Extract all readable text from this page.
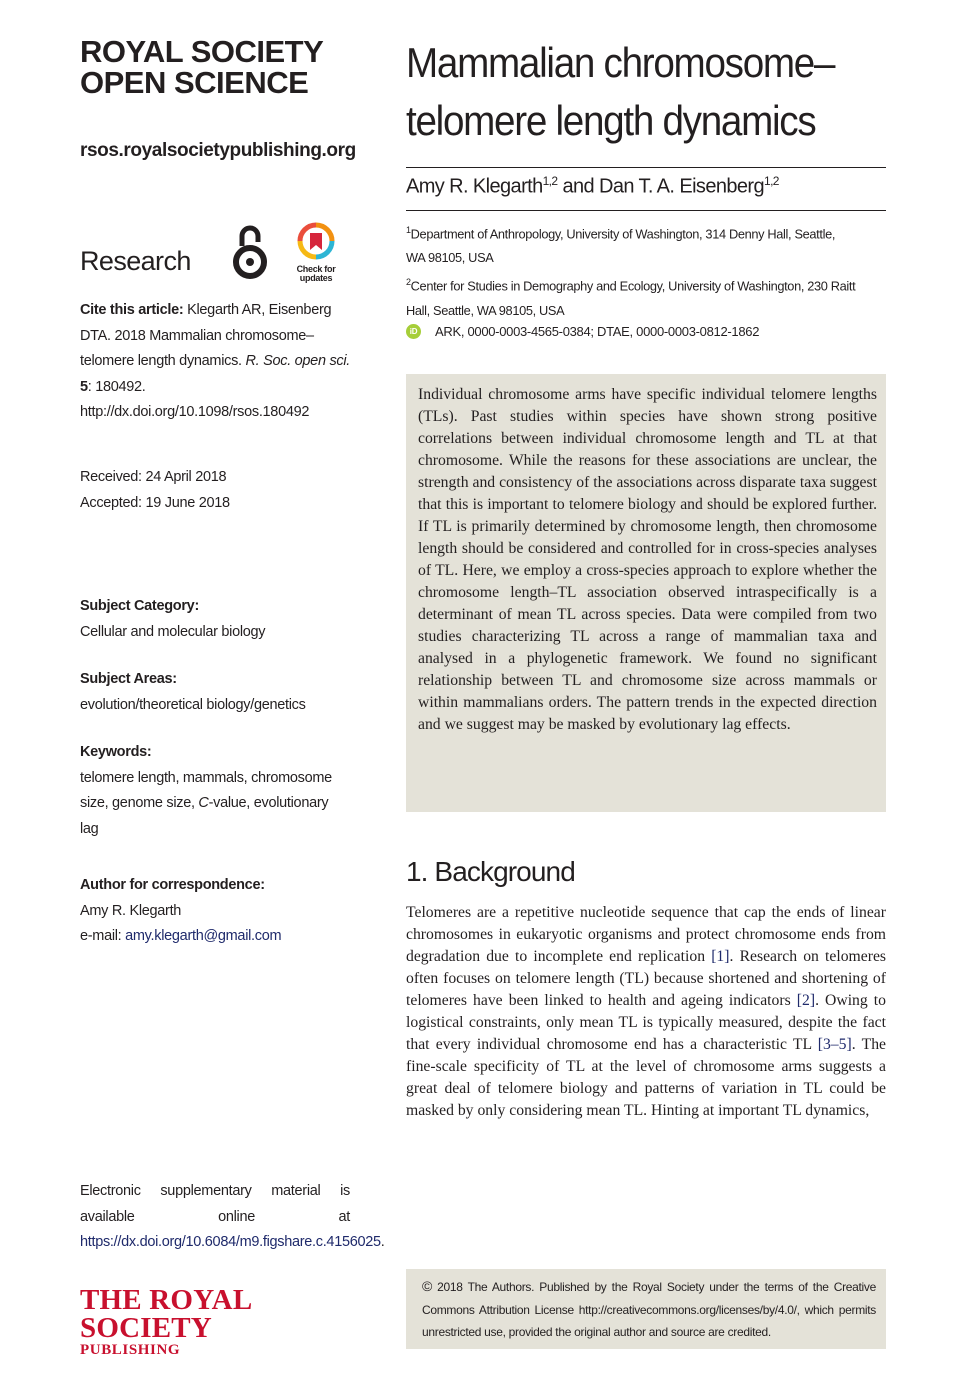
ROYAL SOCIETY
OPEN SCIENCE
rsos.royalsocietypublishing.org
Research	Check for
updates
Cite this article: Klegarth AR, Eisenberg DTA. 2018 Mammalian chromosome–telomere length dynamics. R. Soc. open sci. 5: 180492. http://dx.doi.org/10.1098/rsos.180492
Received: 24 April 2018
Accepted: 19 June 2018
Subject Category:
Cellular and molecular biology
Subject Areas:
evolution/theoretical biology/genetics
Keywords:
telomere length, mammals, chromosome size, genome size, C-value, evolutionary lag
Author for correspondence:
Amy R. Klegarth
e-mail: amy.klegarth@gmail.com
Electronic supplementary material is available online at https://dx.doi.org/10.6084/m9.figshare.c.4156025.
THE ROYAL SOCIETY
PUBLISHING
Mammalian chromosome–
telomere length dynamics
Amy R. Klegarth$^{1,2}$ and Dan T. A. Eisenberg$^{1,2}$
$^1$Department of Anthropology, University of Washington, 314 Denny Hall, Seattle, WA 98105, USA
$^2$Center for Studies in Demography and Ecology, University of Washington, 230 Raitt Hall, Seattle, WA 98105, USA
iD ARK, 0000-0003-4565-0384; DTAE, 0000-0003-0812-1862

Individual chromosome arms have specific individual telomere lengths (TLs). Past studies within species have shown strong positive correlations between individual chromosome length and TL at that chromosome. While the reasons for these associations are unclear, the strength and consistency of the associations across disparate taxa suggest that this is important to telomere biology and should be explored further. If TL is primarily determined by chromosome length, then chromosome length should be considered and controlled for in cross-species analyses of TL. Here, we employ a cross-species approach to explore whether the chromosome length–TL association observed intraspecifically is a determinant of mean TL across species. Data were compiled from two studies characterizing TL across a range of mammalian taxa and analysed in a phylogenetic framework. We found no significant relationship between TL and chromosome size across mammals or within mammalians orders. The pattern trends in the expected direction and we suggest may be masked by evolutionary lag effects.

1. Background

Telomeres are a repetitive nucleotide sequence that cap the ends of linear chromosomes in eukaryotic organisms and protect chromosome ends from degradation due to incomplete end replication [1]. Research on telomeres often focuses on telomere length (TL) because shortened and shortening of telomeres have been linked to health and ageing indicators [2]. Owing to logistical constraints, only mean TL is typically measured, despite the fact that every individual chromosome end has a characteristic TL [3–5]. The fine-scale specificity of TL at the level of chromosome arms suggests a great deal of telomere biology and patterns of variation in TL could be masked by only considering mean TL. Hinting at important TL dynamics,

© 2018 The Authors. Published by the Royal Society under the terms of the Creative Commons Attribution License http://creativecommons.org/licenses/by/4.0/, which permits unrestricted use, provided the original author and source are credited.
